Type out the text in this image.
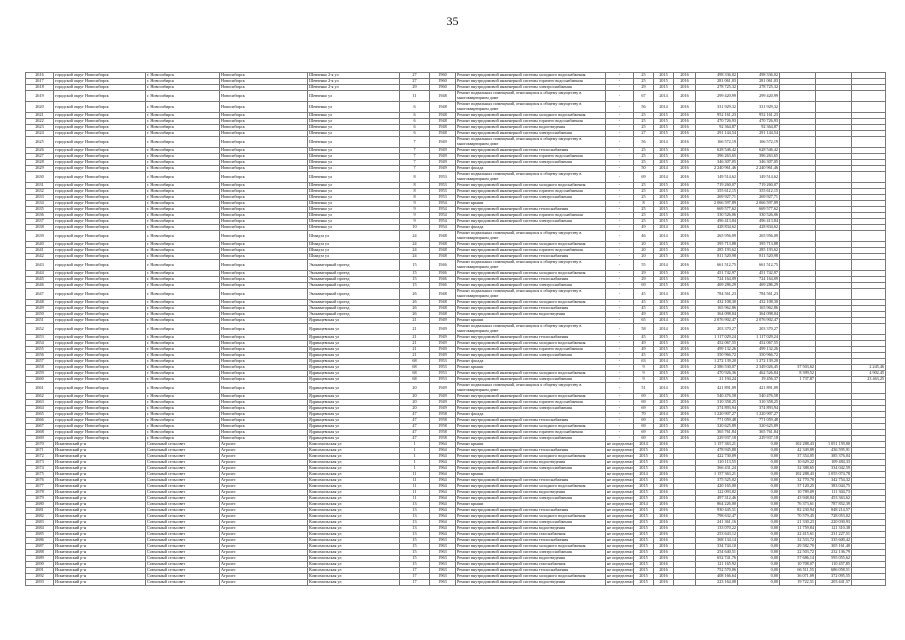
35
2616	городской округ Новосибирск	г. Новосибирск	Новосибирск	Шевченко 2-я ул	27	1960	Ремонт внутридомовой инженерной системы холодного водоснабжения	-	25	2015	2016	498 336,02	498 336,02				
2617	городской округ Новосибирск	г. Новосибирск	Новосибирск	Шевченко 2-я ул	27	1960	Ремонт внутридомовой инженерной системы горячего водоснабжения	-	25	2015	2016	281 061,03	281 061,03				
2618	городской округ Новосибирск	г. Новосибирск	Новосибирск	Шевченко 2-я ул	29	1960	Ремонт внутридомовой инженерной системы электроснабжения	-	29	2015	2016	278 725,32	278 725,32				
2619	городской округ Новосибирск	г. Новосибирск	Новосибирск	Шевченко ул	11	1948	Ремонт подвальных помещений, относящихся к общему имуществу в многоквартирном доме	-	67	2014	2016	299 420,99	299 420,99				
2620	городской округ Новосибирск	г. Новосибирск	Новосибирск	Шевченко ул	6	1948	Ремонт подвальных помещений, относящихся к общему имуществу в многоквартирном доме	-	56	2014	2016	331 929,32	331 929,32				
2621	городской округ Новосибирск	г. Новосибирск	Новосибирск	Шевченко ул	6	1948	Ремонт внутридомовой инженерной системы холодного водоснабжения	-	25	2015	2016	952 161,23	952 161,23				
2622	городской округ Новосибирск	г. Новосибирск	Новосибирск	Шевченко ул	6	1948	Ремонт внутридомовой инженерной системы горячего водоснабжения	-	25	2015	2016	470 726,93	470 726,93				
2623	городской округ Новосибирск	г. Новосибирск	Новосибирск	Шевченко ул	6	1948	Ремонт внутридомовой инженерной системы водоотведения	-	25	2015	2016	92 364,87	92 364,87				
2624	городской округ Новосибирск	г. Новосибирск	Новосибирск	Шевченко ул	6	1948	Ремонт внутридомовой инженерной системы электроснабжения	-	27	2015	2016	291 144,54	291 144,54				
2625	городской округ Новосибирск	г. Новосибирск	Новосибирск	Шевченко ул	7	1949	Ремонт подвальных помещений, относящихся к общему имуществу в многоквартирном доме	-	56	2014	2016	166 572,19	166 572,19				
2626	городской округ Новосибирск	г. Новосибирск	Новосибирск	Шевченко ул	7	1949	Ремонт внутридомовой инженерной системы теплоснабжения	-	25	2015	2016	628 546,42	628 546,42				
2627	городской округ Новосибирск	г. Новосибирск	Новосибирск	Шевченко ул	7	1949	Ремонт внутридомовой инженерной системы горячего водоснабжения	-	25	2015	2016	396 263,65	396 263,65				
2628	городской округ Новосибирск	г. Новосибирск	Новосибирск	Шевченко ул	7	1949	Ремонт внутридомовой инженерной системы электроснабжения	-	25	2015	2016	346 307,05	346 307,05				
2629	городской округ Новосибирск	г. Новосибирск	Новосибирск	Шевченко ул	7	1949	Ремонт фасада	-	50	2014	2016	2 240 961,46	2 240 961,46				
2630	городской округ Новосибирск	г. Новосибирск	Новосибирск	Шевченко ул	8	1953	Ремонт подвальных помещений, относящихся к общему имуществу в многоквартирном доме	-	69	2014	2016	149 514,62	149 514,62				
2631	городской округ Новосибирск	г. Новосибирск	Новосибирск	Шевченко ул	8	1953	Ремонт внутридомовой инженерной системы холодного водоснабжения	-	25	2015	2016	719 260,07	719 260,07				
2632	городской округ Новосибирск	г. Новосибирск	Новосибирск	Шевченко ул	8	1953	Ремонт внутридомовой инженерной системы горячего водоснабжения	-	25	2015	2016	355 612,15	355 612,15				
2633	городской округ Новосибирск	г. Новосибирск	Новосибирск	Шевченко ул	8	1953	Ремонт внутридомовой инженерной системы электроснабжения	-	25	2015	2016	269 927,71	269 927,71				
2634	городской округ Новосибирск	г. Новосибирск	Новосибирск	Шевченко ул	9	1954	Ремонт крыши	-	8	2015	2016	2 066 597,89	2 066 597,89				
2635	городской округ Новосибирск	г. Новосибирск	Новосибирск	Шевченко ул	9	1954	Ремонт внутридомовой инженерной системы теплоснабжения	-	25	2015	2016	669 577,62	669 577,62				
2636	городской округ Новосибирск	г. Новосибирск	Новосибирск	Шевченко ул	9	1954	Ремонт внутридомовой инженерной системы горячего водоснабжения	-	25	2015	2016	330 526,06	330 526,06				
2637	городской округ Новосибирск	г. Новосибирск	Новосибирск	Шевченко ул	9	1954	Ремонт внутридомовой инженерной системы электроснабжения	-	25	2015	2016	496 413,84	496 413,84				
2638	городской округ Новосибирск	г. Новосибирск	Новосибирск	Шевченко ул	10	1954	Ремонт фасада	-	49	2014	2016	428 834,62	428 834,62				
2639	городской округ Новосибирск	г. Новосибирск	Новосибирск	Шмидта ул	24	1948	Ремонт подвальных помещений, относящихся к общему имуществу в многоквартирном доме	-	46	2014	2016	265 956,09	265 956,09				
2640	городской округ Новосибирск	г. Новосибирск	Новосибирск	Шмидта ул	24	1948	Ремонт внутридомовой инженерной системы холодного водоснабжения	-	20	2015	2016	395 713,88	395 713,88				
2641	городской округ Новосибирск	г. Новосибирск	Новосибирск	Шмидта ул	24	1948	Ремонт внутридомовой инженерной системы горячего водоснабжения	-	20	2015	2016	285 193,62	285 193,62				
2642	городской округ Новосибирск	г. Новосибирск	Новосибирск	Шмидта ул	24	1948	Ремонт внутридомовой инженерной системы теплоснабжения	-	20	2015	2016	811 520,98	811 520,98				
2643	городской округ Новосибирск	г. Новосибирск	Новосибирск	Экскаваторный проезд	15	1946	Ремонт подвальных помещений, относящихся к общему имуществу в многоквартирном доме	-	55	2014	2016	661 512,75	661 512,75				
2644	городской округ Новосибирск	г. Новосибирск	Новосибирск	Экскаваторный проезд	15	1946	Ремонт внутридомовой инженерной системы холодного водоснабжения	-	29	2015	2016	451 742,97	451 742,97				
2645	городской округ Новосибирск	г. Новосибирск	Новосибирск	Экскаваторный проезд	15	1946	Ремонт внутридомовой инженерной системы теплоснабжения	-	29	2015	2016	724 164,09	724 164,09				
2646	городской округ Новосибирск	г. Новосибирск	Новосибирск	Экскаваторный проезд	15	1946	Ремонт внутридомовой инженерной системы электроснабжения	-	69	2015	2016	469 286,29	469 286,29				
2647	городской округ Новосибирск	г. Новосибирск	Новосибирск	Экскаваторный проезд	26	1948	Ремонт подвальных помещений, относящихся к общему имуществу в многоквартирном доме	-	45	2014	2016	784 561,23	784 561,23				
2648	городской округ Новосибирск	г. Новосибирск	Новосибирск	Экскаваторный проезд	26	1948	Ремонт внутридомовой инженерной системы холодного водоснабжения	-	45	2015	2016	432 108,30	432 108,30				
2649	городской округ Новосибирск	г. Новосибирск	Новосибирск	Экскаваторный проезд	26	1948	Ремонт внутридомовой инженерной системы теплоснабжения	-	45	2015	2016	165 962,86	165 962,86				
2650	городской округ Новосибирск	г. Новосибирск	Новосибирск	Экскаваторный проезд	26	1948	Ремонт внутридомовой инженерной системы водоотведения	-	49	2015	2016	364 098,04	364 098,04				
2651	городской округ Новосибирск	г. Новосибирск	Новосибирск	Ядринцевская ул	21	1949	Ремонт крыши	-	65	2014	2016	2 076 902,47	2 076 902,47				
2652	городской округ Новосибирск	г. Новосибирск	Новосибирск	Ядринцевская ул	21	1949	Ремонт подвальных помещений, относящихся к общему имуществу в многоквартирном доме	-	58	2014	2016	203 370,27	203 370,27				
2653	городской округ Новосибирск	г. Новосибирск	Новосибирск	Ядринцевская ул	21	1949	Ремонт внутридомовой инженерной системы теплоснабжения	-	45	2015	2016	1 117 029,24	1 117 029,24				
2654	городской округ Новосибирск	г. Новосибирск	Новосибирск	Ядринцевская ул	21	1949	Ремонт внутридомовой инженерной системы холодного водоснабжения	-	49	2015	2016	452 067,55	452 067,55				
2655	городской округ Новосибирск	г. Новосибирск	Новосибирск	Ядринцевская ул	21	1949	Ремонт внутридомовой инженерной системы горячего водоснабжения	-	49	2015	2016	499 132,26	499 132,26				
2656	городской округ Новосибирск	г. Новосибирск	Новосибирск	Ядринцевская ул	21	1949	Ремонт внутридомовой инженерной системы электроснабжения	-	45	2015	2016	350 966,72	350 966,72				
2657	городской округ Новосибирск	г. Новосибирск	Новосибирск	Ядринцевская ул	68	1953	Ремонт фасада	-	63	2014	2016	1 272 139,20	1 272 139,20				
2658	городской округ Новосибирск	г. Новосибирск	Новосибирск	Ядринцевская ул	68	1953	Ремонт крыши	-	9	2015	2016	2 386 530,07	2 349 026,45	37 503,62		2 245,46	
2659	городской округ Новосибирск	г. Новосибирск	Новосибирск	Ядринцевская ул	68	1953	Ремонт внутридомовой инженерной системы холодного водоснабжения	-	9	2015	2016	470 926,36	462 526,84	8 399,52		4 902,45	
2660	городской округ Новосибирск	г. Новосибирск	Новосибирск	Ядринцевская ул	68	1953	Ремонт внутридомовой инженерной системы электроснабжения	-	9	2015	2016	21 194,24	19 456,37	1 737,87		23 463,25	
2661	городской округ Новосибирск	г. Новосибирск	Новосибирск	Ядринцевская ул	20	1949	Ремонт подвальных помещений, относящихся к общему имуществу в многоквартирном доме	-	51	2014	2016	421 891,09	421 891,09				
2662	городской округ Новосибирск	г. Новосибирск	Новосибирск	Ядринцевская ул	20	1949	Ремонт внутридомовой инженерной системы холодного водоснабжения	-	69	2015	2016	540 476,58	540 476,58				
2663	городской округ Новосибирск	г. Новосибирск	Новосибирск	Ядринцевская ул	20	1949	Ремонт внутридомовой инженерной системы горячего водоснабжения	-	69	2015	2016	310 358,25	310 358,25				
2664	городской округ Новосибирск	г. Новосибирск	Новосибирск	Ядринцевская ул	20	1949	Ремонт внутридомовой инженерной системы электроснабжения	-	69	2015	2016	374 893,94	374 893,94				
2665	городской округ Новосибирск	г. Новосибирск	Новосибирск	Ядринцевская ул	47	1958	Ремонт фасада	-	70	2014	2016	1 220 907,27	1 220 907,27				
2666	городской округ Новосибирск	г. Новосибирск	Новосибирск	Ядринцевская ул	47	1958	Ремонт внутридомовой инженерной системы теплоснабжения	-	69	2015	2016	771 059,48	771 059,48				
2667	городской округ Новосибирск	г. Новосибирск	Новосибирск	Ядринцевская ул	47	1958	Ремонт внутридомовой инженерной системы холодного водоснабжения	-	69	2015	2016	320 625,89	320 625,89				
2668	городской округ Новосибирск	г. Новосибирск	Новосибирск	Ядринцевская ул	47	1958	Ремонт внутридомовой инженерной системы горячего водоснабжения	-	69	2015	2016	365 761,84	365 761,84				
2669	городской округ Новосибирск	г. Новосибирск	Новосибирск	Ядринцевская ул	47	1958	Ремонт внутридомовой инженерной системы электроснабжения	-	69	2015	2016	229 937,18	229 937,18				
2670	Искитимский р-н	Совхозный сельсовет	Агролес	Комсомольская ул	1	1964	Ремонт крыши	не определено	2014	2016		1 157 363,21	0,00	102 288,43	1 051 159,00		
2671	Искитимский р-н	Совхозный сельсовет	Агролес	Комсомольская ул	1	1964	Ремонт внутридомовой инженерной системы теплоснабжения	не определено	2015	2016		478 945,80	0,00	42 349,89	436 595,91		
2672	Искитимский р-н	Совхозный сельсовет	Агролес	Комсомольская ул	1	1964	Ремонт внутридомовой инженерной системы холодного водоснабжения	не определено	2015	2016		422 730,09	0,00	37 354,05	385 376,04		
2673	Искитимский р-н	Совхозный сельсовет	Агролес	Комсомольская ул	1	1964	Ремонт внутридомовой инженерной системы водоотведения	не определено	2015	2016		120 113,55	0,00	10 629,22	109 484,33		
2674	Искитимский р-н	Совхозный сельсовет	Агролес	Комсомольская ул	1	1964	Ремонт внутридомовой инженерной системы электроснабжения	не определено	2015	2016		366 431,24	0,00	32 388,65	334 042,59		
2675	Искитимский р-н	Совхозный сельсовет	Агролес	Комсомольская ул	11	1964	Ремонт крыши	не определено	2014	2016		1 157 363,21	0,00	102 288,43	1 055 074,78		
2676	Искитимский р-н	Совхозный сельсовет	Агролес	Комсомольская ул	11	1964	Ремонт внутридомовой инженерной системы теплоснабжения	не определено	2015	2016		375 525,02	0,00	32 770,70	342 754,32		
2677	Искитимский р-н	Совхозный сельсовет	Агролес	Комсомольская ул	11	1964	Ремонт внутридомовой инженерной системы холодного водоснабжения	не определено	2015	2016		420 165,00	0,00	37 120,25	383 044,75		
2678	Искитимский р-н	Совхозный сельсовет	Агролес	Комсомольская ул	11	1964	Ремонт внутридомовой инженерной системы водоотведения	не определено	2015	2016		122 093,82	0,00	10 789,09	111 304,73		
2679	Искитимский р-н	Совхозный сельсовет	Агролес	Комсомольская ул	11	1964	Ремонт внутридомовой инженерной системы электроснабжения	не определено	2015	2016		497 312,46	0,00	43 948,84	453 363,62		
2680	Искитимский р-н	Совхозный сельсовет	Агролес	Комсомольская ул	13	1964	Ремонт крыши	не определено	2014	2016		864 226,00	0,00	76 373,61	787 852,39		
2681	Искитимский р-н	Совхозный сельсовет	Агролес	Комсомольская ул	13	1964	Ремонт внутридомовой инженерной системы теплоснабжения	не определено	2015	2016		930 445,51	0,00	82 230,94	848 214,57		
2682	Искитимский р-н	Совхозный сельсовет	Агролес	Комсомольская ул	13	1964	Ремонт внутридомовой инженерной системы холодного водоснабжения	не определено	2015	2016		798 632,47	0,00	70 579,45	728 053,02		
2683	Искитимский р-н	Совхозный сельсовет	Агролес	Комсомольская ул	13	1964	Ремонт внутридомовой инженерной системы электроснабжения	не определено	2015	2016		241 361,16	0,00	21 330,23	220 030,93		
2684	Искитимский р-н	Совхозный сельсовет	Агролес	Комсомольская ул	13	1964	Ремонт внутридомовой инженерной системы водоотведения	не определено	2015	2016		133 070,22	0,00	11 759,84	121 310,38		
2685	Искитимский р-н	Совхозный сельсовет	Агролес	Комсомольская ул	13	1964	Ремонт внутридомовой инженерной системы газоснабжения	не определено	2015	2016		253 643,12	0,00	22 415,61	231 227,51		
2686	Искитимский р-н	Совхозный сельсовет	Агролес	Комсомольская ул	15	1963	Ремонт внутридомовой инженерной системы теплоснабжения	не определено	2015	2016		368 134,14	0,00	32 533,72	335 600,42		
2687	Искитимский р-н	Совхозный сельсовет	Агролес	Комсомольская ул	15	1963	Ремонт внутридомовой инженерной системы холодного водоснабжения	не определено	2015	2016		334 744,10	0,00	29 582,70	305 161,40		
2688	Искитимский р-н	Совхозный сельсовет	Агролес	Комсомольская ул	15	1963	Ремонт внутридомовой инженерной системы электроснабжения	не определено	2015	2016		254 640,51	0,00	22 503,72	232 136,79		
2689	Искитимский р-н	Совхозный сельсовет	Агролес	Комсомольская ул	15	1963	Ремонт внутридомовой инженерной системы водоотведения	не определено	2015	2016		652 741,76	0,00	57 686,14	595 055,62		
2690	Искитимский р-н	Совхозный сельсовет	Агролес	Комсомольская ул	15	1963	Ремонт внутридомовой инженерной системы газоснабжения	не определено	2015	2016		121 165,92	0,00	10 708,07	110 457,85		
2691	Искитимский р-н	Совхозный сельсовет	Агролес	Комсомольская ул	17	1963	Ремонт внутридомовой инженерной системы теплоснабжения	не определено	2015	2016		752 570,06	0,00	66 511,55	686 058,51		
2692	Искитимский р-н	Совхозный сельсовет	Агролес	Комсомольская ул	17	1963	Ремонт внутридомовой инженерной системы холодного водоснабжения	не определено	2015	2016		408 166,64	0,00	36 071,09	372 095,55		
2693	Искитимский р-н	Совхозный сельсовет	Агролес	Комсомольская ул	17	1963	Ремонт внутридомовой инженерной системы водоотведения	не определено	2015	2016		223 164,08	0,00	19 722,51	203 441,57		
